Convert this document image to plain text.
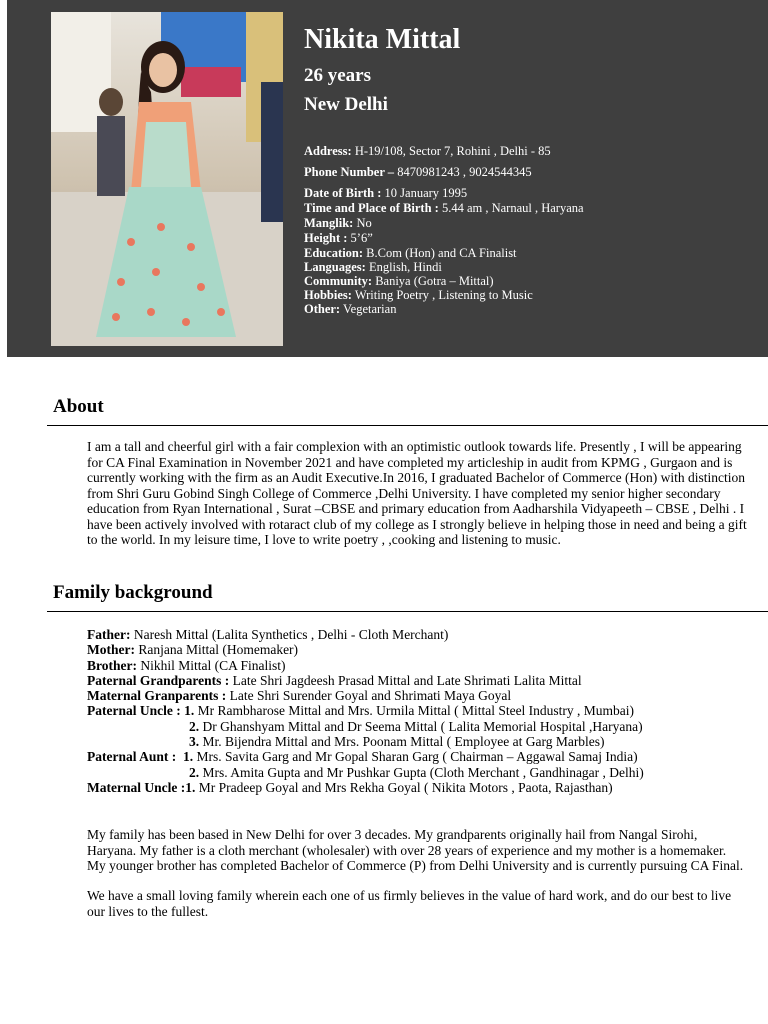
Nikita Mittal
26 years
New Delhi
Address: H-19/108, Sector 7, Rohini , Delhi - 85
Phone Number – 8470981243 , 9024544345
Date of Birth : 10 January 1995
Time and Place of Birth : 5.44 am , Narnaul , Haryana
Manglik: No
Height : 5’6”
Education: B.Com (Hon) and CA Finalist
Languages: English, Hindi
Community: Baniya (Gotra – Mittal)
Hobbies: Writing Poetry , Listening to Music
Other: Vegetarian
About
I am a tall and cheerful girl with a fair complexion with an optimistic outlook towards life. Presently , I will be appearing for CA Final Examination in November 2021 and have completed my articleship in audit from KPMG , Gurgaon and is currently working with the firm as an Audit Executive.In 2016, I graduated Bachelor of Commerce (Hon) with distinction from Shri Guru Gobind Singh College of Commerce ,Delhi University. I have completed my senior higher secondary education from Ryan International , Surat –CBSE and primary education from Aadharshila Vidyapeeth – CBSE , Delhi . I have been actively involved with rotaract club of my college as I strongly believe in helping those in need and being a gift to the world. In my leisure time, I love to write poetry , ,cooking and listening to music.
Family background
Father: Naresh Mittal (Lalita Synthetics , Delhi - Cloth Merchant)
Mother: Ranjana Mittal (Homemaker)
Brother: Nikhil Mittal (CA Finalist)
Paternal Grandparents : Late Shri Jagdeesh Prasad Mittal and Late Shrimati Lalita Mittal
Maternal Granparents : Late Shri Surender Goyal and Shrimati Maya Goyal
Paternal Uncle : 1. Mr Rambharose Mittal and Mrs. Urmila Mittal ( Mittal Steel Industry , Mumbai)
2. Dr Ghanshyam Mittal and Dr Seema Mittal ( Lalita Memorial Hospital ,Haryana)
3. Mr. Bijendra Mittal and Mrs. Poonam Mittal ( Employee at Garg Marbles)
Paternal Aunt : 1. Mrs. Savita Garg and Mr Gopal Sharan Garg ( Chairman – Aggawal Samaj India)
2. Mrs. Amita Gupta and Mr Pushkar Gupta (Cloth Merchant , Gandhinagar , Delhi)
Maternal Uncle :1. Mr Pradeep Goyal and Mrs Rekha Goyal ( Nikita Motors , Paota, Rajasthan)
My family has been based in New Delhi for over 3 decades. My grandparents originally hail from Nangal Sirohi, Haryana. My father is a cloth merchant (wholesaler) with over 28 years of experience and my mother is a homemaker. My younger brother has completed Bachelor of Commerce (P) from Delhi University and is currently pursuing CA Final.
We have a small loving family wherein each one of us firmly believes in the value of hard work, and do our best to live our lives to the fullest.
